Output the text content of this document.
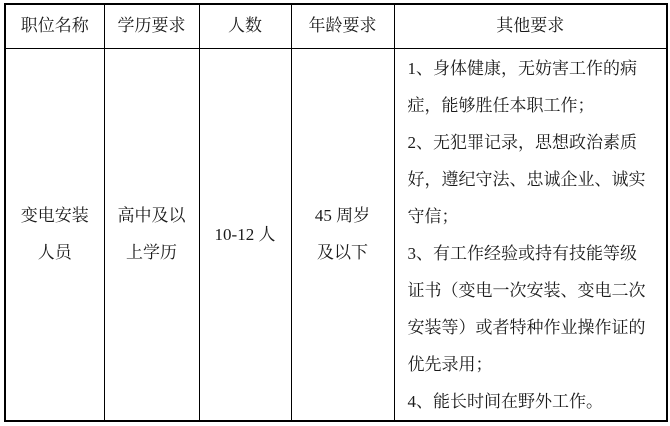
职位名称	学历要求	人数	年龄要求	其他要求
变电安装人员	高中及以上学历	10-12 人	45 周岁及以下	1、身体健康，无妨害工作的病症，能够胜任本职工作；

2、无犯罪记录，思想政治素质好，遵纪守法、忠诚企业、诚实守信；

3、有工作经验或持有技能等级证书（变电一次安装、变电二次安装等）或者特种作业操作证的优先录用；

4、能长时间在野外工作。
